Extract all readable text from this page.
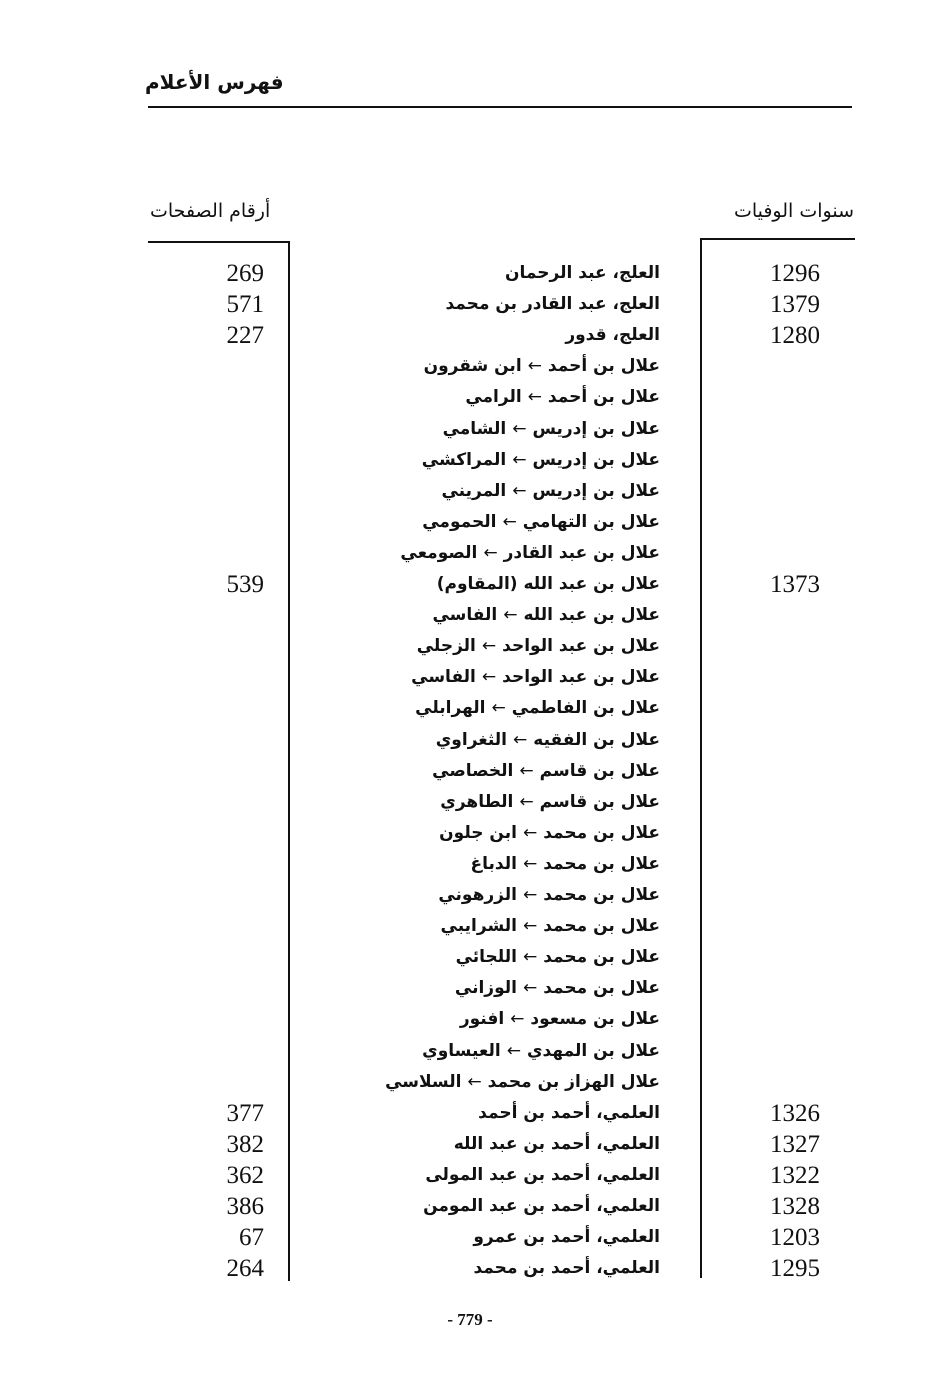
فهرس الأعلام
سنوات الوفيات
أرقام الصفحات
1296
العلج، عبد الرحمان
269
1379
العلج، عبد القادر بن محمد
571
1280
العلج، قدور
227
علال بن أحمد←ابن شقرون
علال بن أحمد←الرامي
علال بن إدريس←الشامي
علال بن إدريس←المراكشي
علال بن إدريس←المريني
علال بن التهامي←الحمومي
علال بن عبد القادر←الصومعي
1373
علال بن عبد الله (المقاوم)
539
علال بن عبد الله←الفاسي
علال بن عبد الواحد←الزجلي
علال بن عبد الواحد←الفاسي
علال بن الفاطمي←الهرابلي
علال بن الفقيه←الثغراوي
علال بن قاسم←الخصاصي
علال بن قاسم←الطاهري
علال بن محمد←ابن جلون
علال بن محمد←الدباغ
علال بن محمد←الزرهوني
علال بن محمد←الشرايبي
علال بن محمد←اللجائي
علال بن محمد←الوزاني
علال بن مسعود←افنور
علال بن المهدي←العيساوي
علال الهزاز بن محمد←السلاسي
1326
العلمي، أحمد بن أحمد
377
1327
العلمي، أحمد بن عبد الله
382
1322
العلمي، أحمد بن عبد المولى
362
1328
العلمي، أحمد بن عبد المومن
386
1203
العلمي، أحمد بن عمرو
67
1295
العلمي، أحمد بن محمد
264
- 779 -
